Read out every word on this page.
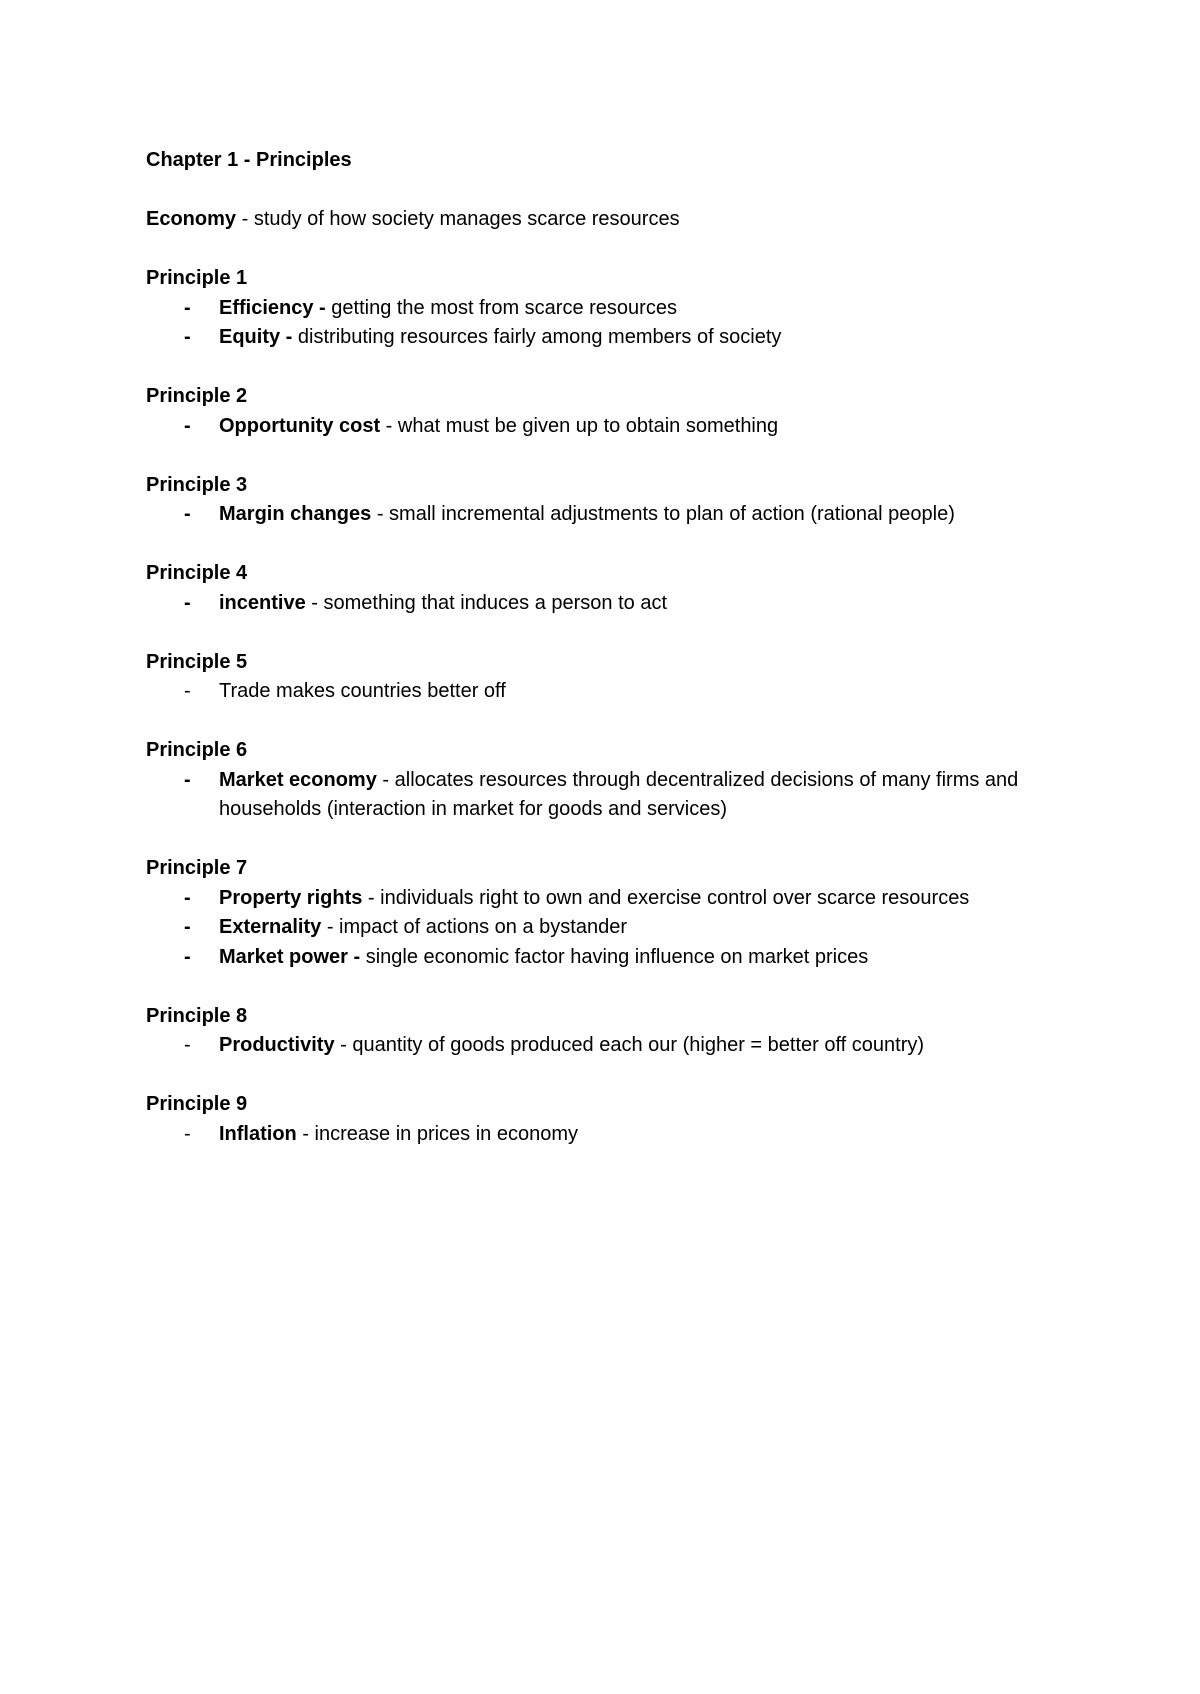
Chapter 1 - Principles
Economy - study of how society manages scarce resources
Principle 1
- Efficiency - getting the most from scarce resources
- Equity - distributing resources fairly among members of society
Principle 2
- Opportunity cost - what must be given up to obtain something
Principle 3
- Margin changes - small incremental adjustments to plan of action (rational people)
Principle 4
- incentive - something that induces a person to act
Principle 5
- Trade makes countries better off
Principle 6
- Market economy - allocates resources through decentralized decisions of many firms and households (interaction in market for goods and services)
Principle 7
- Property rights - individuals right to own and exercise control over scarce resources
- Externality - impact of actions on a bystander
- Market power - single economic factor having influence on market prices
Principle 8
- Productivity - quantity of goods produced each our (higher = better off country)
Principle 9
- Inflation - increase in prices in economy
